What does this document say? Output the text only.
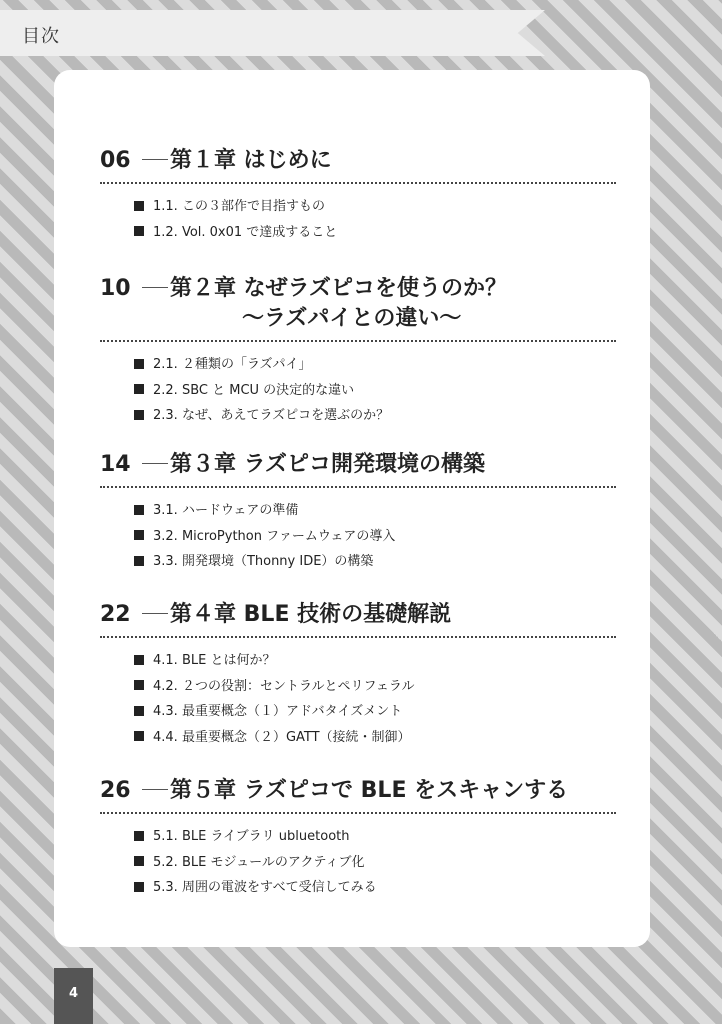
目次
06 第１章 はじめに
1.1. この３部作で目指すもの
1.2. Vol. 0x01 で達成すること
10 第２章 なぜラズピコを使うのか？
〜ラズパイとの違い〜
2.1. ２種類の「ラズパイ」
2.2. SBC と MCU の決定的な違い
2.3. なぜ、あえてラズピコを選ぶのか？
14 第３章 ラズピコ開発環境の構築
3.1. ハードウェアの準備
3.2. MicroPython ファームウェアの導入
3.3. 開発環境（Thonny IDE）の構築
22 第４章 BLE 技術の基礎解説
4.1. BLE とは何か？
4.2. ２つの役割：セントラルとペリフェラル
4.3. 最重要概念（１）アドバタイズメント
4.4. 最重要概念（２）GATT（接続・制御）
26 第５章 ラズピコで BLE をスキャンする
5.1. BLE ライブラリ ubluetooth
5.2. BLE モジュールのアクティブ化
5.3. 周囲の電波をすべて受信してみる
4
